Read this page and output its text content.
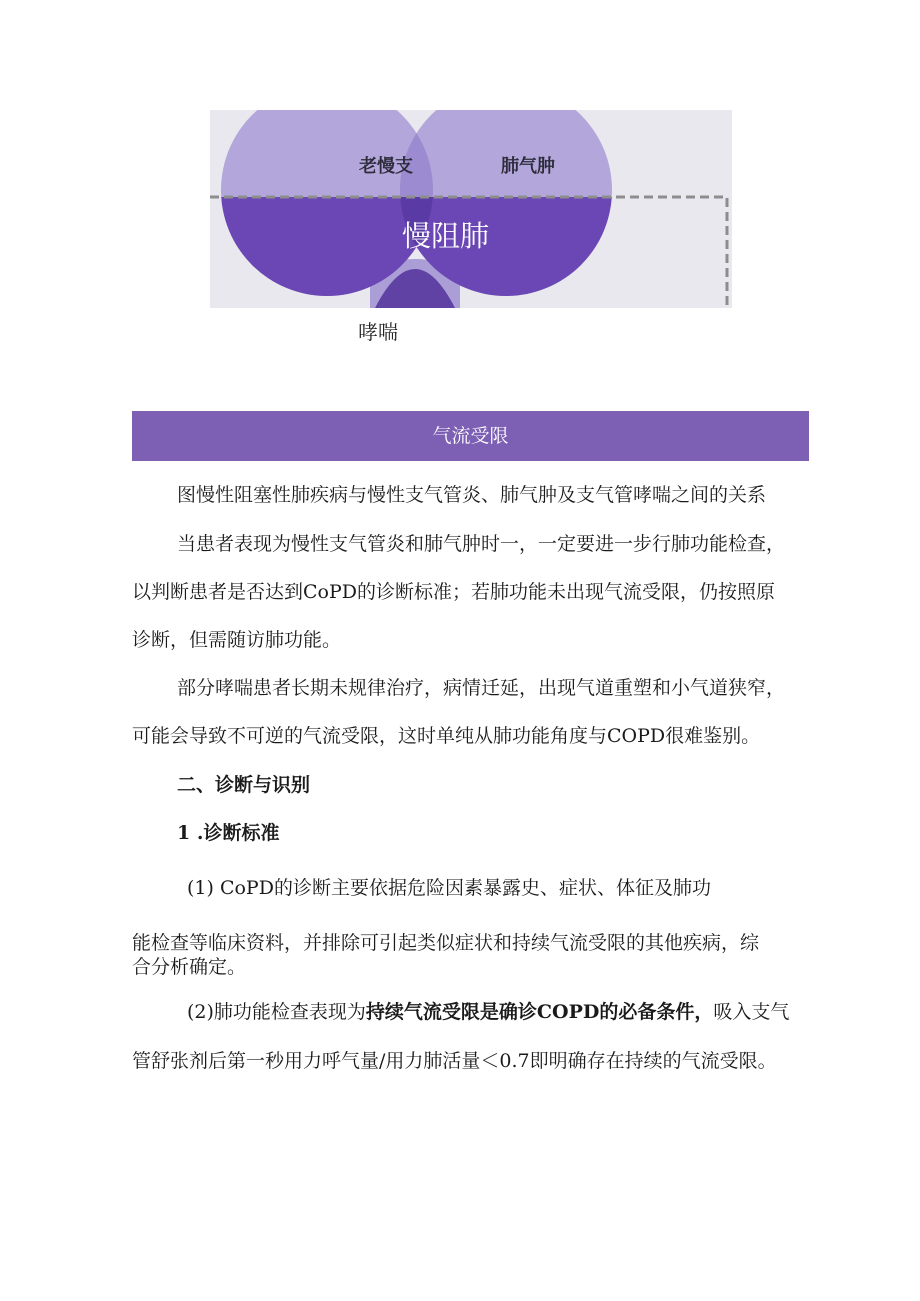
老慢支	肺气肿
慢阻肺
哮喘
气流受限
图慢性阻塞性肺疾病与慢性支气管炎、肺气肿及支气管哮喘之间的关系
当患者表现为慢性支气管炎和肺气肿时一，一定要进一步行肺功能检查，
以判断患者是否达到CoPD的诊断标准；若肺功能未出现气流受限，仍按照原
诊断，但需随访肺功能。
部分哮喘患者长期未规律治疗，病情迁延，出现气道重塑和小气道狭窄，
可能会导致不可逆的气流受限，这时单纯从肺功能角度与COPD很难鉴别。
二、诊断与识别
1 .诊断标准
(1) CoPD的诊断主要依据危险因素暴露史、症状、体征及肺功
能检查等临床资料，并排除可引起类似症状和持续气流受限的其他疾病，综
合分析确定。
(2)肺功能检查表现为持续气流受限是确诊COPD的必备条件，吸入支气
管舒张剂后第一秒用力呼气量/用力肺活量＜0.7即明确存在持续的气流受限。
